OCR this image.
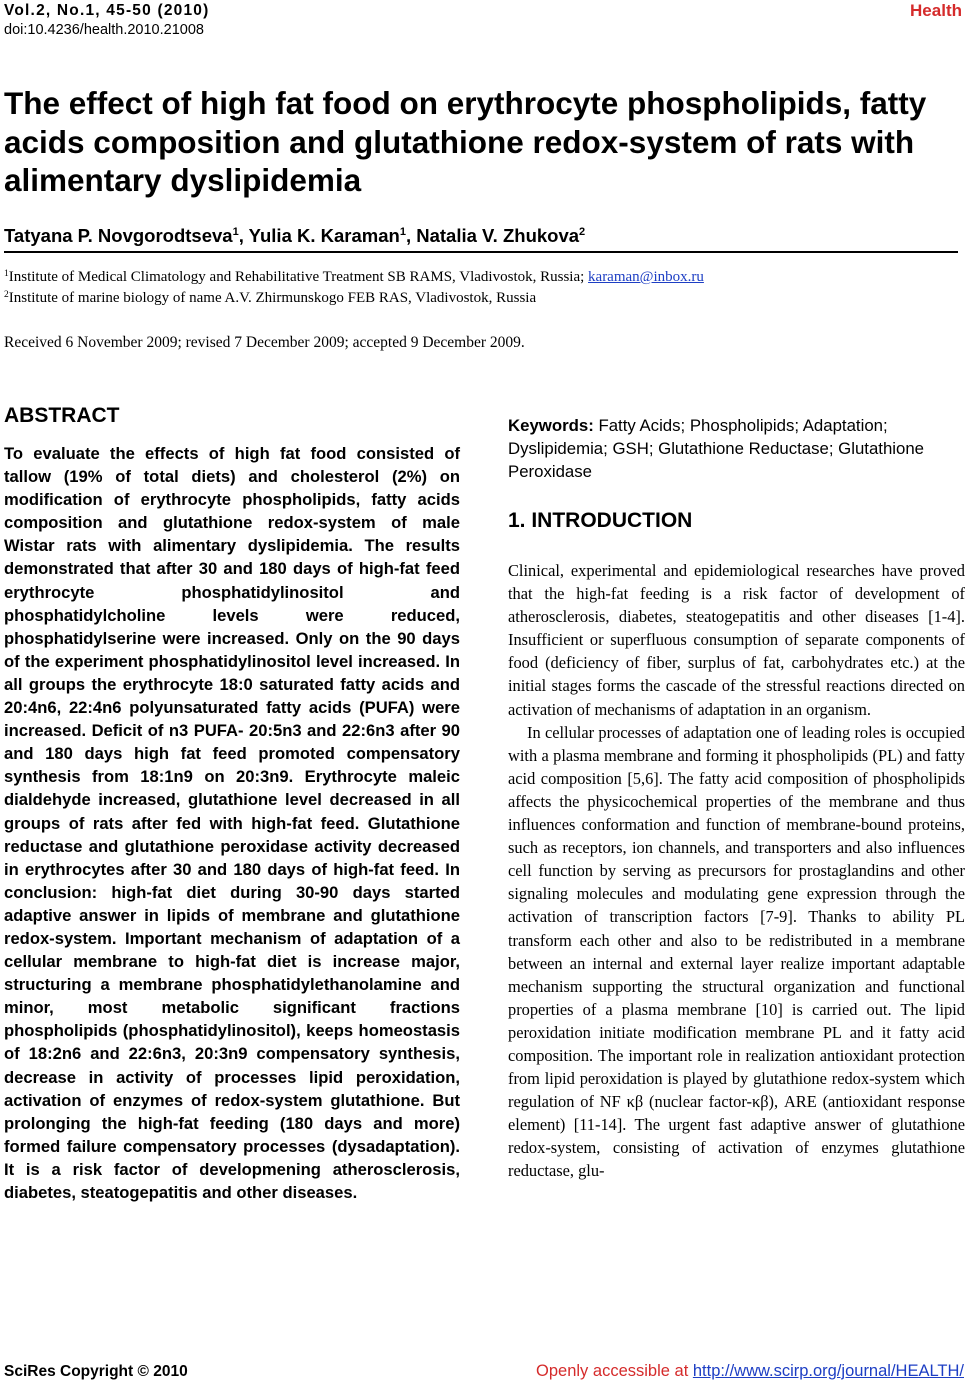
Vol.2, No.1, 45-50 (2010)
doi:10.4236/health.2010.21008
Health
The effect of high fat food on erythrocyte phospholipids, fatty acids composition and glutathione redox-system of rats with alimentary dyslipidemia
Tatyana P. Novgorodtseva$^1$, Yulia K. Karaman$^1$, Natalia V. Zhukova$^2$
$^1$Institute of Medical Climatology and Rehabilitative Treatment SB RAMS, Vladivostok, Russia; karaman@inbox.ru
$^2$Institute of marine biology of name A.V. Zhirmunskogo FEB RAS, Vladivostok, Russia
Received 6 November 2009; revised 7 December 2009; accepted 9 December 2009.
ABSTRACT
To evaluate the effects of high fat food consisted of tallow (19% of total diets) and cholesterol (2%) on modification of erythrocyte phospholipids, fatty acids composition and glutathione redox-system of male Wistar rats with alimentary dyslipidemia. The results demonstrated that after 30 and 180 days of high-fat feed erythrocyte phosphatidylinositol and phosphatidylcholine levels were reduced, phosphatidylserine were increased. Only on the 90 days of the experiment phosphatidylinositol level increased. In all groups the erythrocyte 18:0 saturated fatty acids and 20:4n6, 22:4n6 polyunsaturated fatty acids (PUFA) were increased. Deficit of n3 PUFA- 20:5n3 and 22:6n3 after 90 and 180 days high fat feed promoted compensatory synthesis from 18:1n9 on 20:3n9. Erythrocyte maleic dialdehyde increased, glutathione level decreased in all groups of rats after fed with high-fat feed. Glutathione reductase and glutathione peroxidase activity decreased in erythrocytes after 30 and 180 days of high-fat feed. In conclusion: high-fat diet during 30-90 days started adaptive answer in lipids of membrane and glutathione redox-system. Important mechanism of adaptation of a cellular membrane to high-fat diet is increase major, structuring a membrane phosphatidylethanolamine and minor, most metabolic significant fractions phospholipids (phosphatidylinositol), keeps homeostasis of 18:2n6 and 22:6n3, 20:3n9 compensatory synthesis, decrease in activity of processes lipid peroxidation, activation of enzymes of redox-system glutathione. But prolonging the high-fat feeding (180 days and more) formed failure compensatory processes (dysadaptation). It is a risk factor of developmening atherosclerosis, diabetes, steatogepatitis and other diseases.
Keywords: Fatty Acids; Phospholipids; Adaptation; Dyslipidemia; GSH; Glutathione Reductase; Glutathione Peroxidase
1. INTRODUCTION

Clinical, experimental and epidemiological researches have proved that the high-fat feeding is a risk factor of development of atherosclerosis, diabetes, steatogepatitis and other diseases [1-4]. Insufficient or superfluous consumption of separate components of food (deficiency of fiber, surplus of fat, carbohydrates etc.) at the initial stages forms the cascade of the stressful reactions directed on activation of mechanisms of adaptation in an organism.

In cellular processes of adaptation one of leading roles is occupied with a plasma membrane and forming it phospholipids (PL) and fatty acid composition [5,6]. The fatty acid composition of phospholipids affects the physicochemical properties of the membrane and thus influences conformation and function of membrane-bound proteins, such as receptors, ion channels, and transporters and also influences cell function by serving as precursors for prostaglandins and other signaling molecules and modulating gene expression through the activation of transcription factors [7-9]. Thanks to ability PL transform each other and also to be redistributed in a membrane between an internal and external layer realize important adaptable mechanism supporting the structural organization and functional properties of a plasma membrane [10] is carried out. The lipid peroxidation initiate modification membrane PL and it fatty acid composition. The important role in realization antioxidant protection from lipid peroxidation is played by glutathione redox-system which regulation of NF κβ (nuclear factor-κβ), ARE (antioxidant response element) [11-14]. The urgent fast adaptive answer of glutathione redox-system, consisting of activation of enzymes glutathione reductase, glu-

SciRes Copyright © 2010	Openly accessible at http://www.scirp.org/journal/HEALTH/
